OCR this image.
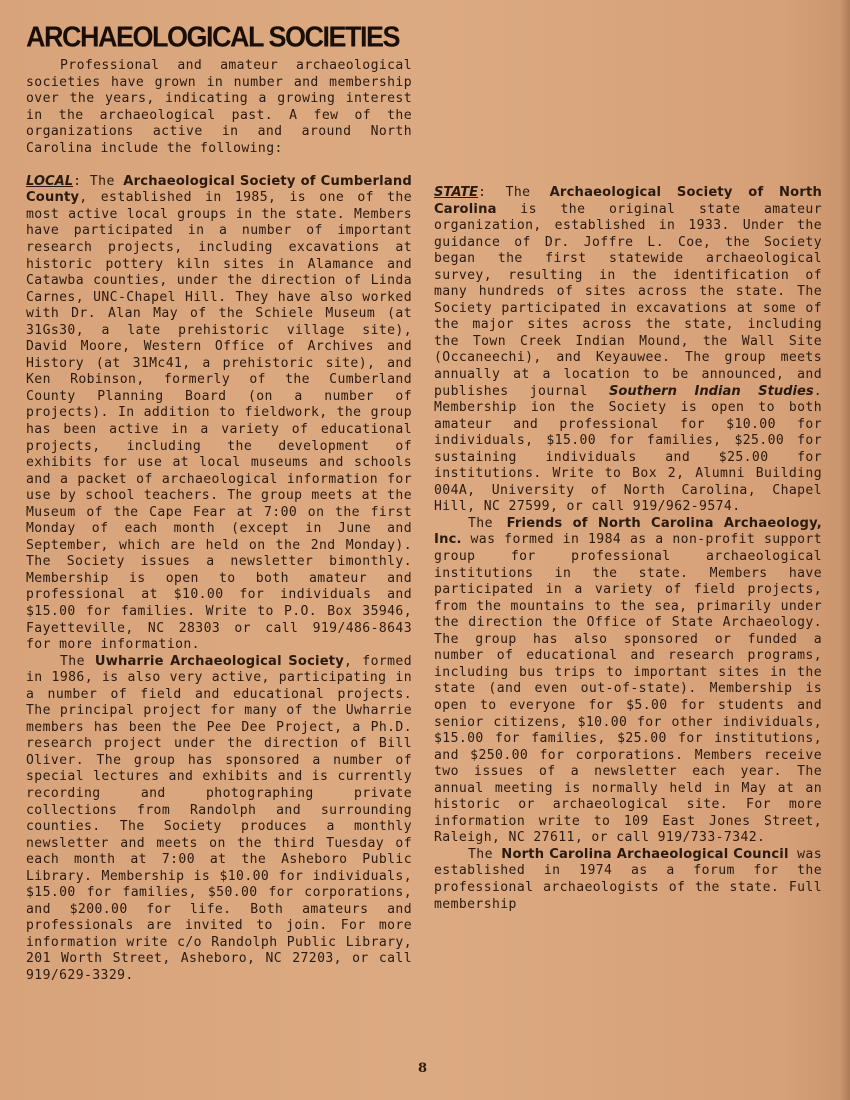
ARCHAEOLOGICAL SOCIETIES

Professional and amateur archaeological societies have grown in number and membership over the years, indicating a growing interest in the archaeological past. A few of the organizations active in and around North Carolina include the following:

LOCAL: The Archaeological Society of Cumberland County, established in 1985, is one of the most active local groups in the state. Members have participated in a number of important research projects, including excavations at historic pottery kiln sites in Alamance and Catawba counties, under the direction of Linda Carnes, UNC-Chapel Hill. They have also worked with Dr. Alan May of the Schiele Museum (at 31Gs30, a late prehistoric village site), David Moore, Western Office of Archives and History (at 31Mc41, a prehistoric site), and Ken Robinson, formerly of the Cumberland County Planning Board (on a number of projects). In addition to fieldwork, the group has been active in a variety of educational projects, including the development of exhibits for use at local museums and schools and a packet of archaeological information for use by school teachers. The group meets at the Museum of the Cape Fear at 7:00 on the first Monday of each month (except in June and September, which are held on the 2nd Monday). The Society issues a newsletter bimonthly. Membership is open to both amateur and professional at $10.00 for individuals and $15.00 for families. Write to P.O. Box 35946, Fayetteville, NC 28303 or call 919/486-8643 for more information.

The Uwharrie Archaeological Society, formed in 1986, is also very active, participating in a number of field and educational projects. The principal project for many of the Uwharrie members has been the Pee Dee Project, a Ph.D. research project under the direction of Bill Oliver. The group has sponsored a number of special lectures and exhibits and is currently recording and photographing private collections from Randolph and surrounding counties. The Society produces a monthly newsletter and meets on the third Tuesday of each month at 7:00 at the Asheboro Public Library. Membership is $10.00 for individuals, $15.00 for families, $50.00 for corporations, and $200.00 for life. Both amateurs and professionals are invited to join. For more information write c/o Randolph Public Library, 201 Worth Street, Asheboro, NC 27203, or call 919/629-3329.

STATE: The Archaeological Society of North Carolina is the original state amateur organization, established in 1933. Under the guidance of Dr. Joffre L. Coe, the Society began the first statewide archaeological survey, resulting in the identification of many hundreds of sites across the state. The Society participated in excavations at some of the major sites across the state, including the Town Creek Indian Mound, the Wall Site (Occaneechi), and Keyauwee. The group meets annually at a location to be announced, and publishes journal Southern Indian Studies. Membership ion the Society is open to both amateur and professional for $10.00 for individuals, $15.00 for families, $25.00 for sustaining individuals and $25.00 for institutions. Write to Box 2, Alumni Building 004A, University of North Carolina, Chapel Hill, NC 27599, or call 919/962-9574.

The Friends of North Carolina Archaeology, Inc. was formed in 1984 as a non-profit support group for professional archaeological institutions in the state. Members have participated in a variety of field projects, from the mountains to the sea, primarily under the direction the Office of State Archaeology. The group has also sponsored or funded a number of educational and research programs, including bus trips to important sites in the state (and even out-of-state). Membership is open to everyone for $5.00 for students and senior citizens, $10.00 for other individuals, $15.00 for families, $25.00 for institutions, and $250.00 for corporations. Members receive two issues of a newsletter each year. The annual meeting is normally held in May at an historic or archaeological site. For more information write to 109 East Jones Street, Raleigh, NC 27611, or call 919/733-7342.

The North Carolina Archaeological Council was established in 1974 as a forum for the professional archaeologists of the state. Full membership

8
